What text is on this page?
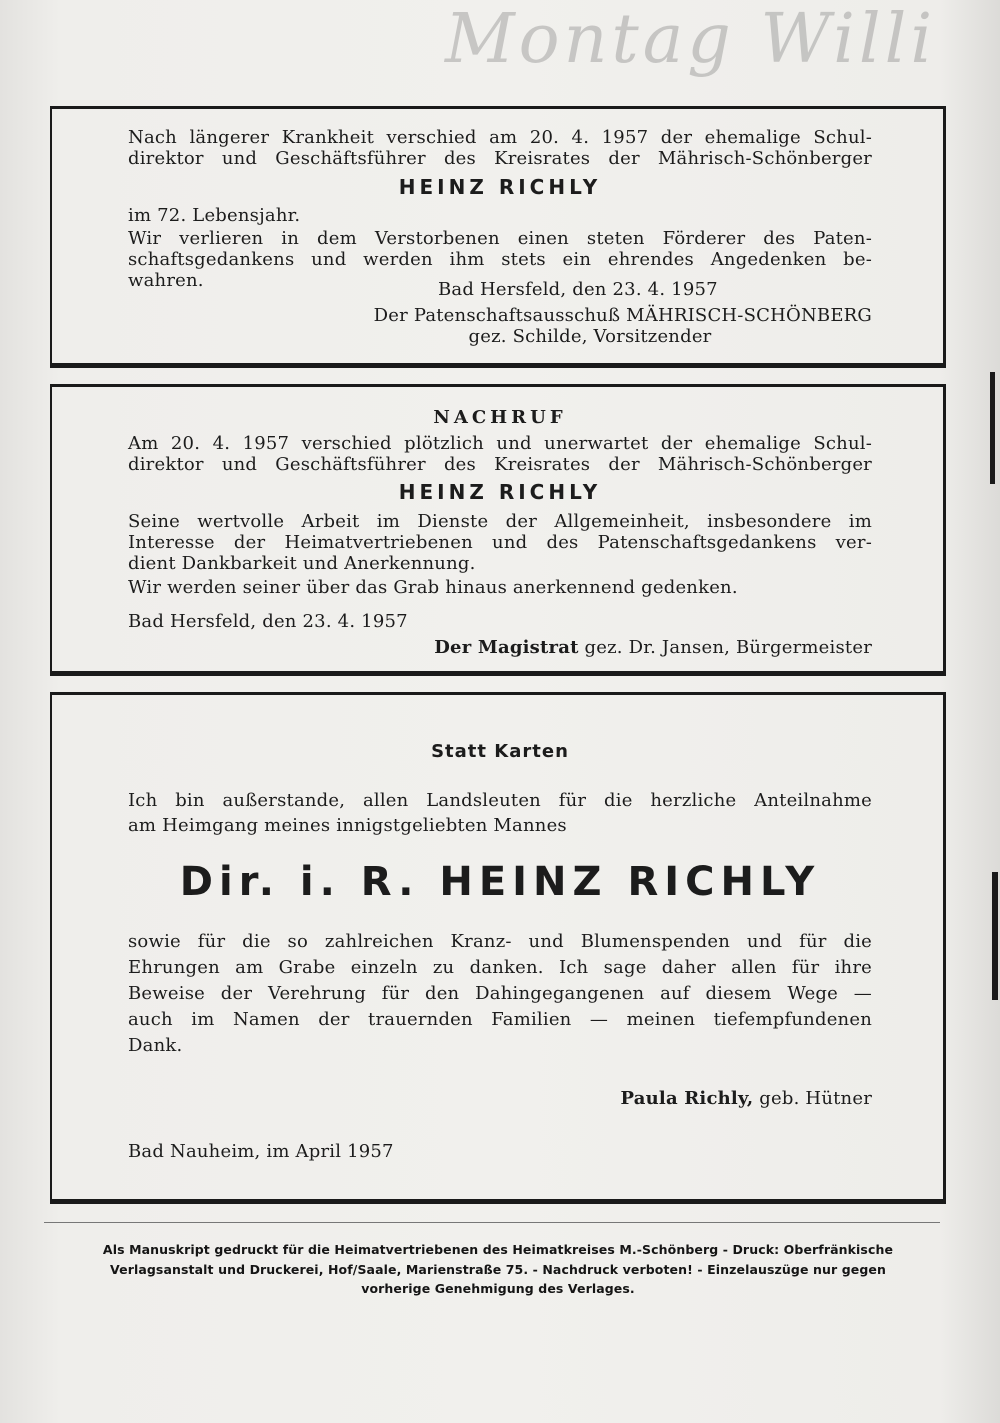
Montag Willi

Nach längerer Krankheit verschied am 20. 4. 1957 der ehemalige Schul-

direktor und Geschäftsführer des Kreisrates der Mährisch-Schönberger

HEINZ RICHLY

im 72. Lebensjahr.

Wir verlieren in dem Verstorbenen einen steten Förderer des Paten-

schaftsgedankens und werden ihm stets ein ehrendes Angedenken be-

wahren.	Bad Hersfeld, den 23. 4. 1957

Der Patenschaftsausschuß MÄHRISCH-SCHÖNBERG

gez. Schilde, Vorsitzender

NACHRUF

Am 20. 4. 1957 verschied plötzlich und unerwartet der ehemalige Schul-

direktor und Geschäftsführer des Kreisrates der Mährisch-Schönberger

HEINZ RICHLY

Seine wertvolle Arbeit im Dienste der Allgemeinheit, insbesondere im

Interesse der Heimatvertriebenen und des Patenschaftsgedankens ver-

dient Dankbarkeit und Anerkennung.

Wir werden seiner über das Grab hinaus anerkennend gedenken.

Bad Hersfeld, den 23. 4. 1957

Der Magistrat gez. Dr. Jansen, Bürgermeister

Statt Karten

Ich bin außerstande, allen Landsleuten für die herzliche Anteilnahme

am Heimgang meines innigstgeliebten Mannes

Dir. i. R. HEINZ RICHLY

sowie für die so zahlreichen Kranz- und Blumenspenden und für die

Ehrungen am Grabe einzeln zu danken. Ich sage daher allen für ihre

Beweise der Verehrung für den Dahingegangenen auf diesem Wege —

auch im Namen der trauernden Familien — meinen tiefempfundenen

Dank.

Paula Richly, geb. Hütner

Bad Nauheim, im April 1957

Als Manuskript gedruckt für die Heimatvertriebenen des Heimatkreises M.-Schönberg - Druck: Oberfränkische
Verlagsanstalt und Druckerei, Hof/Saale, Marienstraße 75. - Nachdruck verboten! - Einzelauszüge nur gegen
vorherige Genehmigung des Verlages.
